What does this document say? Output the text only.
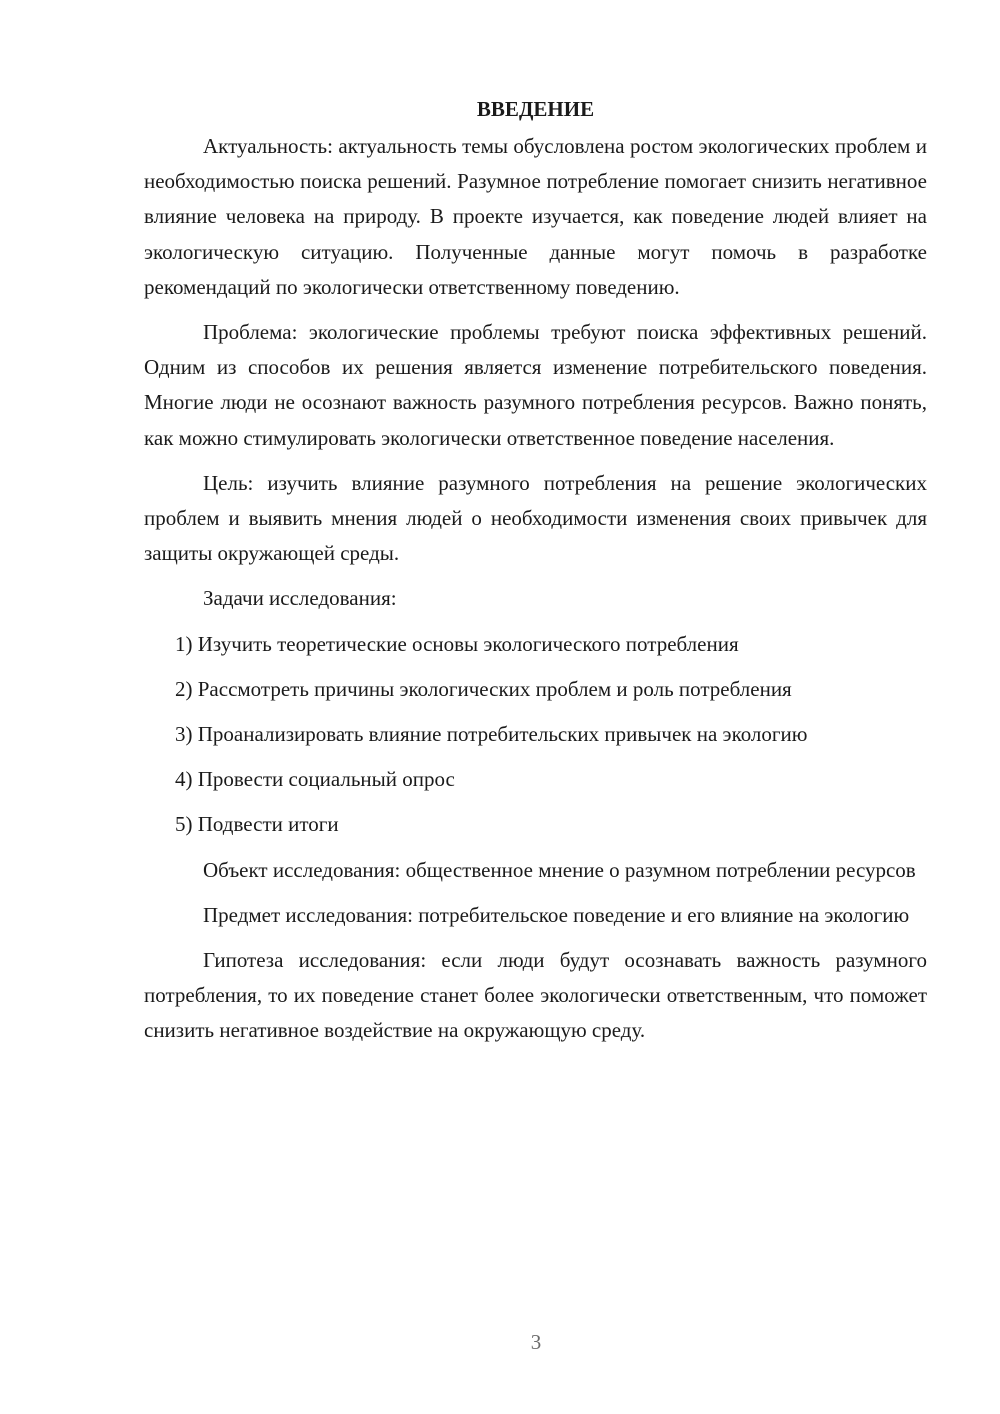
ВВЕДЕНИЕ

Актуальность: актуальность темы обусловлена ростом экологических проблем и необходимостью поиска решений. Разумное потребление помогает снизить негативное влияние человека на природу. В проекте изучается, как поведение людей влияет на экологическую ситуацию. Полученные данные могут помочь в разработке рекомендаций по экологически ответственному поведению.

Проблема: экологические проблемы требуют поиска эффективных решений. Одним из способов их решения является изменение потребительского поведения. Многие люди не осознают важность разумного потребления ресурсов. Важно понять, как можно стимулировать экологически ответственное поведение населения.

Цель: изучить влияние разумного потребления на решение экологических проблем и выявить мнения людей о необходимости изменения своих привычек для защиты окружающей среды.

Задачи исследования:

1) Изучить теоретические основы экологического потребления

2) Рассмотреть причины экологических проблем и роль потребления

3) Проанализировать влияние потребительских привычек на экологию

4) Провести социальный опрос

5) Подвести итоги

Объект исследования: общественное мнение о разумном потреблении ресурсов

Предмет исследования: потребительское поведение и его влияние на экологию

Гипотеза исследования: если люди будут осознавать важность разумного потребления, то их поведение станет более экологически ответственным, что поможет снизить негативное воздействие на окружающую среду.

3
